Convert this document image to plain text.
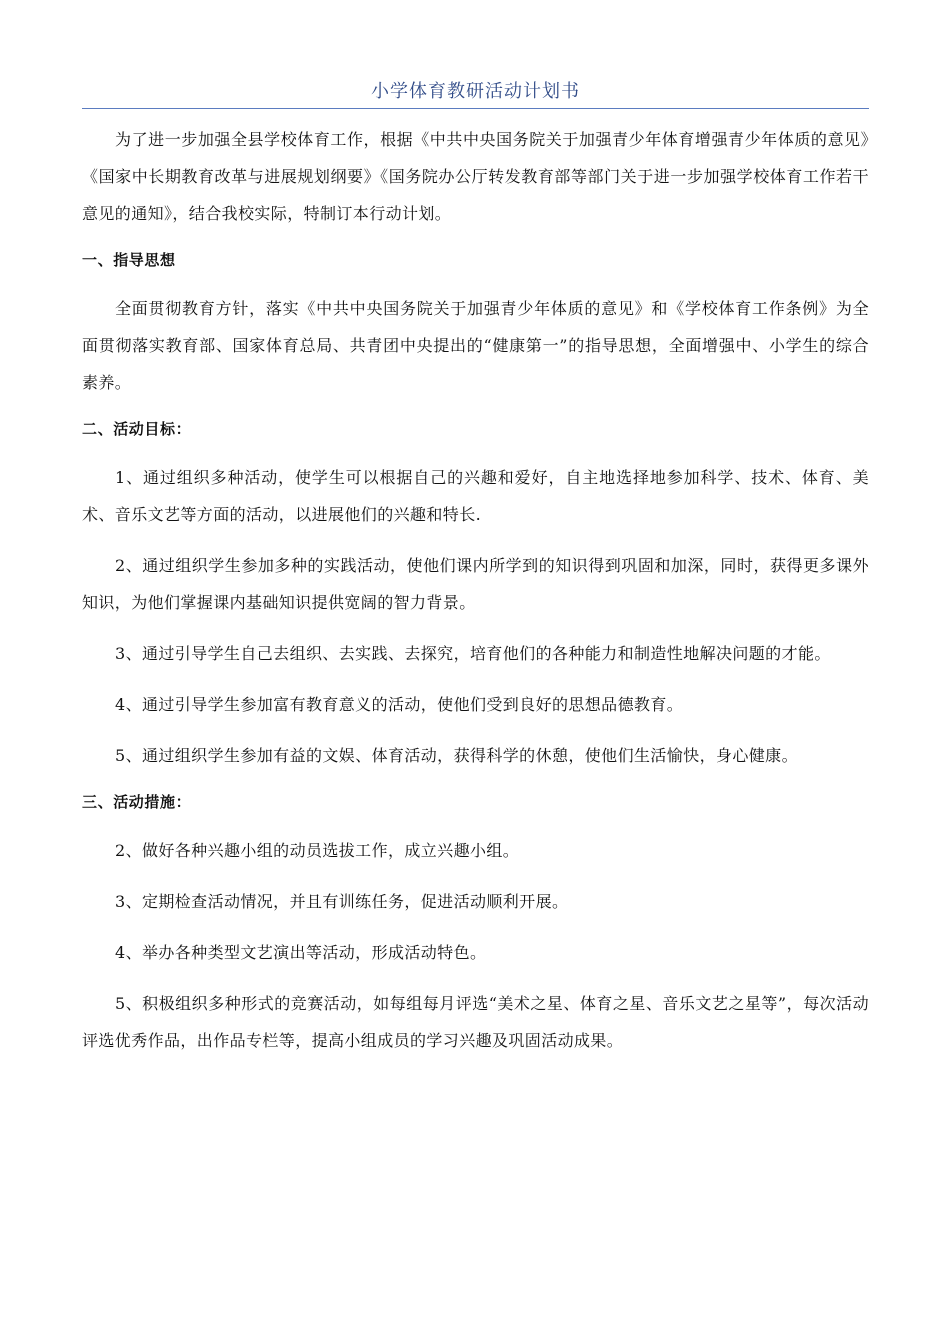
小学体育教研活动计划书

为了进一步加强全县学校体育工作，根据《中共中央国务院关于加强青少年体育增强青少年体质的意见》《国家中长期教育改革与进展规划纲要》《国务院办公厅转发教育部等部门关于进一步加强学校体育工作若干意见的通知》，结合我校实际，特制订本行动计划。

一、指导思想

全面贯彻教育方针，落实《中共中央国务院关于加强青少年体质的意见》和《学校体育工作条例》为全面贯彻落实教育部、国家体育总局、共青团中央提出的“健康第一”的指导思想，全面增强中、小学生的综合素养。

二、活动目标：

1、通过组织多种活动，使学生可以根据自己的兴趣和爱好，自主地选择地参加科学、技术、体育、美术、音乐文艺等方面的活动，以进展他们的兴趣和特长.

2、通过组织学生参加多种的实践活动，使他们课内所学到的知识得到巩固和加深，同时，获得更多课外知识，为他们掌握课内基础知识提供宽阔的智力背景。

3、通过引导学生自己去组织、去实践、去探究，培育他们的各种能力和制造性地解决问题的才能。

4、通过引导学生参加富有教育意义的活动，使他们受到良好的思想品德教育。

5、通过组织学生参加有益的文娱、体育活动，获得科学的休憩，使他们生活愉快，身心健康。

三、活动措施：

2、做好各种兴趣小组的动员选拔工作，成立兴趣小组。

3、定期检查活动情况，并且有训练任务，促进活动顺利开展。

4、举办各种类型文艺演出等活动，形成活动特色。

5、积极组织多种形式的竞赛活动，如每组每月评选“美术之星、体育之星、音乐文艺之星等”，每次活动评选优秀作品，出作品专栏等，提高小组成员的学习兴趣及巩固活动成果。
